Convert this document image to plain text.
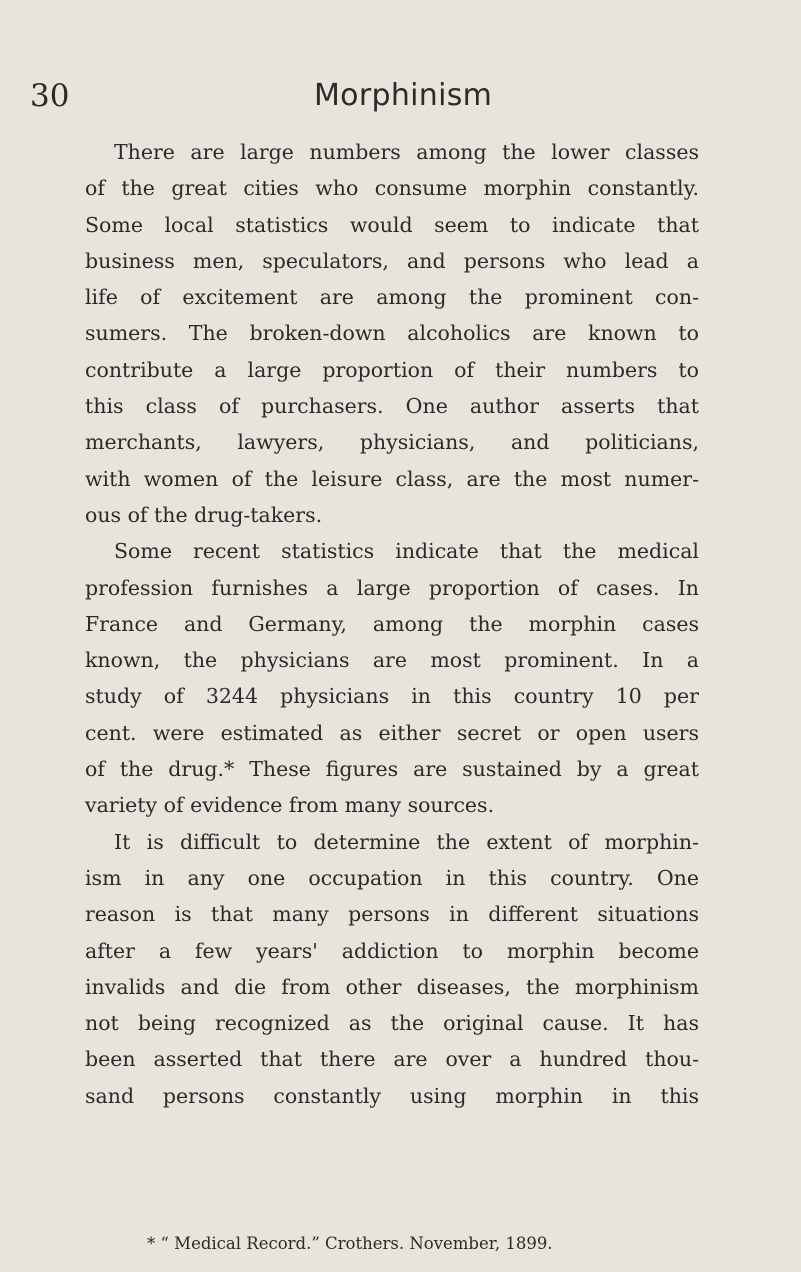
30	Morphinism
There are large numbers among the lower classes
of the great cities who consume morphin constantly.
Some local statistics would seem to indicate that
business men, speculators, and persons who lead a
life of excitement are among the prominent con-
sumers. The broken-down alcoholics are known to
contribute a large proportion of their numbers to
this class of purchasers. One author asserts that
merchants, lawyers, physicians, and politicians,
with women of the leisure class, are the most numer-
ous of the drug-takers.
Some recent statistics indicate that the medical
profession furnishes a large proportion of cases. In
France and Germany, among the morphin cases
known, the physicians are most prominent. In a
study of 3244 physicians in this country 10 per
cent. were estimated as either secret or open users
of the drug.* These figures are sustained by a great
variety of evidence from many sources.
It is difficult to determine the extent of morphin-
ism in any one occupation in this country. One
reason is that many persons in different situations
after a few years' addiction to morphin become
invalids and die from other diseases, the morphinism
not being recognized as the original cause. It has
been asserted that there are over a hundred thou-
sand persons constantly using morphin in this
* “ Medical Record.” Crothers. November, 1899.
